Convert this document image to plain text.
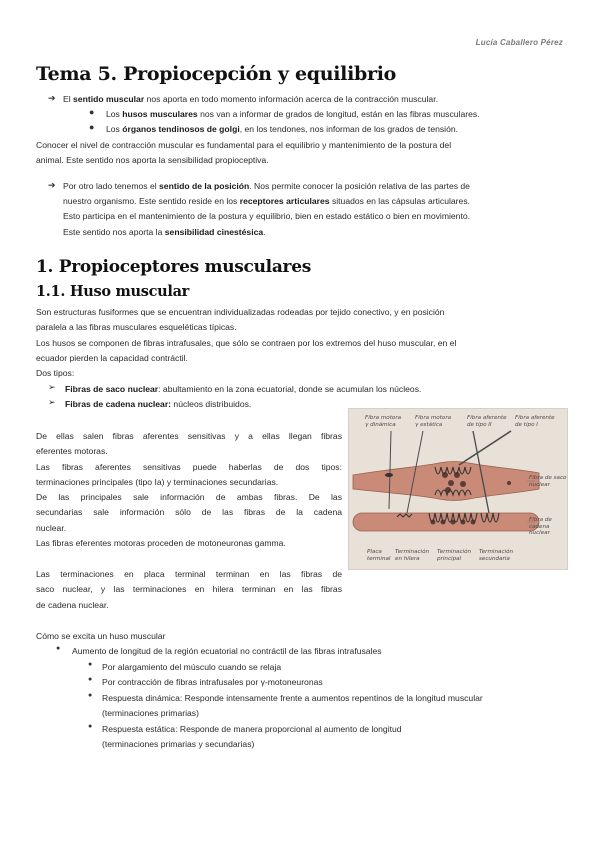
Lucía Caballero Pérez
Tema 5. Propiocepción y equilibrio
➔ El sentido muscular nos aporta en todo momento información acerca de la contracción muscular.
● Los husos musculares nos van a informar de grados de longitud, están en las fibras musculares.
● Los órganos tendinosos de golgi, en los tendones, nos informan de los grados de tensión.
Conocer el nivel de contracción muscular es fundamental para el equilibrio y mantenimiento de la postura del
animal. Este sentido nos aporta la sensibilidad propioceptiva.
➔ Por otro lado tenemos el sentido de la posición. Nos permite conocer la posición relativa de las partes de
nuestro organismo. Este sentido reside en los receptores articulares situados en las cápsulas articulares.
Esto participa en el mantenimiento de la postura y equilibrio, bien en estado estático o bien en movimiento.
Este sentido nos aporta la sensibilidad cinestésica.
1. Propioceptores musculares
1.1. Huso muscular
Son estructuras fusiformes que se encuentran individualizadas rodeadas por tejido conectivo, y en posición
paralela a las fibras musculares esqueléticas típicas.
Los husos se componen de fibras intrafusales, que sólo se contraen por los extremos del huso muscular, en el
ecuador pierden la capacidad contráctil.
Dos tipos:
➢ Fibras de saco nuclear: abultamiento en la zona ecuatorial, donde se acumulan los núcleos.
➢ Fibras de cadena nuclear: núcleos distribuidos.
De ellas salen fibras aferentes sensitivas y a ellas llegan fibras
eferentes motoras.
Las fibras aferentes sensitivas puede haberlas de dos tipos:
terminaciones principales (tipo Ia) y terminaciones secundarias.
De las principales sale información de ambas fibras. De las
secundarias sale información sólo de las fibras de la cadena
nuclear.
Las fibras eferentes motoras proceden de motoneuronas gamma.
Las terminaciones en placa terminal terminan en las fibras de
saco nuclear, y las terminaciones en hilera terminan en las fibras
de cadena nuclear.
Fibra motora
γ dinámica
Fibra motora
γ estática
Fibra aferente
de tipo II
Fibra aferente
de tipo I
Fibra de saco
nuclear
Fibra de cadena
nuclear
Placa
terminal
Terminación
en hilera
Terminación
principal
Terminación
secundaria
Cómo se excita un huso muscular
● Aumento de longitud de la región ecuatorial no contráctil de las fibras intrafusales
● Por alargamiento del músculo cuando se relaja
● Por contracción de fibras intrafusales por γ-motoneuronas
● Respuesta dinámica: Responde intensamente frente a aumentos repentinos de la longitud muscular
(terminaciones primarias)
● Respuesta estática: Responde de manera proporcional al aumento de longitud
(terminaciones primarias y secundarias)
